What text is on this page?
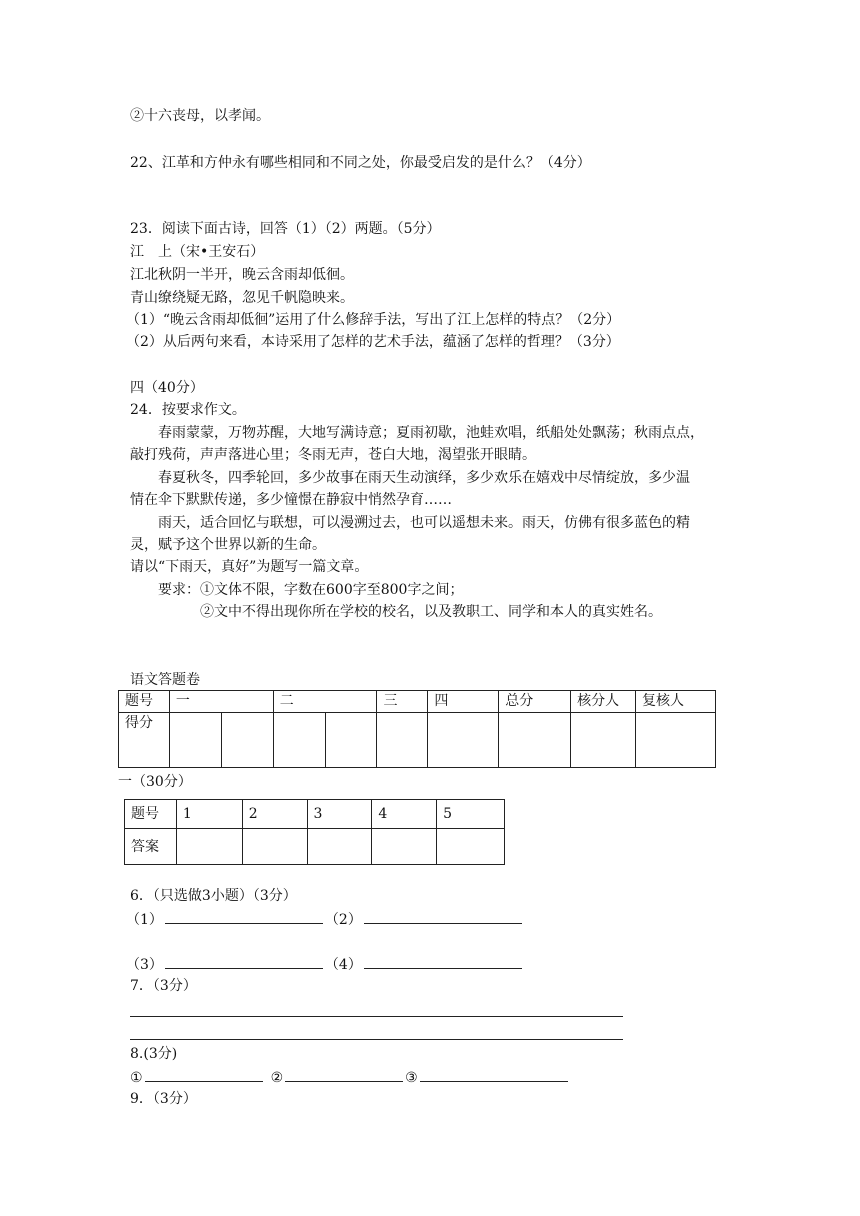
②十六丧母，以孝闻。
22、江革和方仲永有哪些相同和不同之处，你最受启发的是什么？（4分）
23．阅读下面古诗，回答（1）（2）两题。（5分）
江　上（宋•王安石）
江北秋阴一半开，晚云含雨却低徊。
青山缭绕疑无路，忽见千帆隐映来。
（1）“晚云含雨却低徊”运用了什么修辞手法，写出了江上怎样的特点？（2分）
（2）从后两句来看，本诗采用了怎样的艺术手法，蕴涵了怎样的哲理？（3分）
四（40分）
24．按要求作文。
春雨蒙蒙，万物苏醒，大地写满诗意；夏雨初歇，池蛙欢唱，纸船处处飘荡；秋雨点点，
敲打残荷，声声落进心里；冬雨无声，苍白大地，渴望张开眼睛。
春夏秋冬，四季轮回，多少故事在雨天生动演绎，多少欢乐在嬉戏中尽情绽放，多少温
情在伞下默默传递，多少憧憬在静寂中悄然孕育……
雨天，适合回忆与联想，可以漫溯过去，也可以遥想未来。雨天，仿佛有很多蓝色的精
灵，赋予这个世界以新的生命。
请以“下雨天，真好”为题写一篇文章。
要求：①文体不限，字数在600字至800字之间；
②文中不得出现你所在学校的校名，以及教职工、同学和本人的真实姓名。
语文答题卷
题号	一		二		三	四	总分	核分人	复核人
得分									
一（30分）
题号	1	2	3	4	5
答案					
6．（只选做3小题）（3分）
（1）	（2）
（3）	（4）
7．（3分）
8.(3分)
①	②	③
9．（3分）
